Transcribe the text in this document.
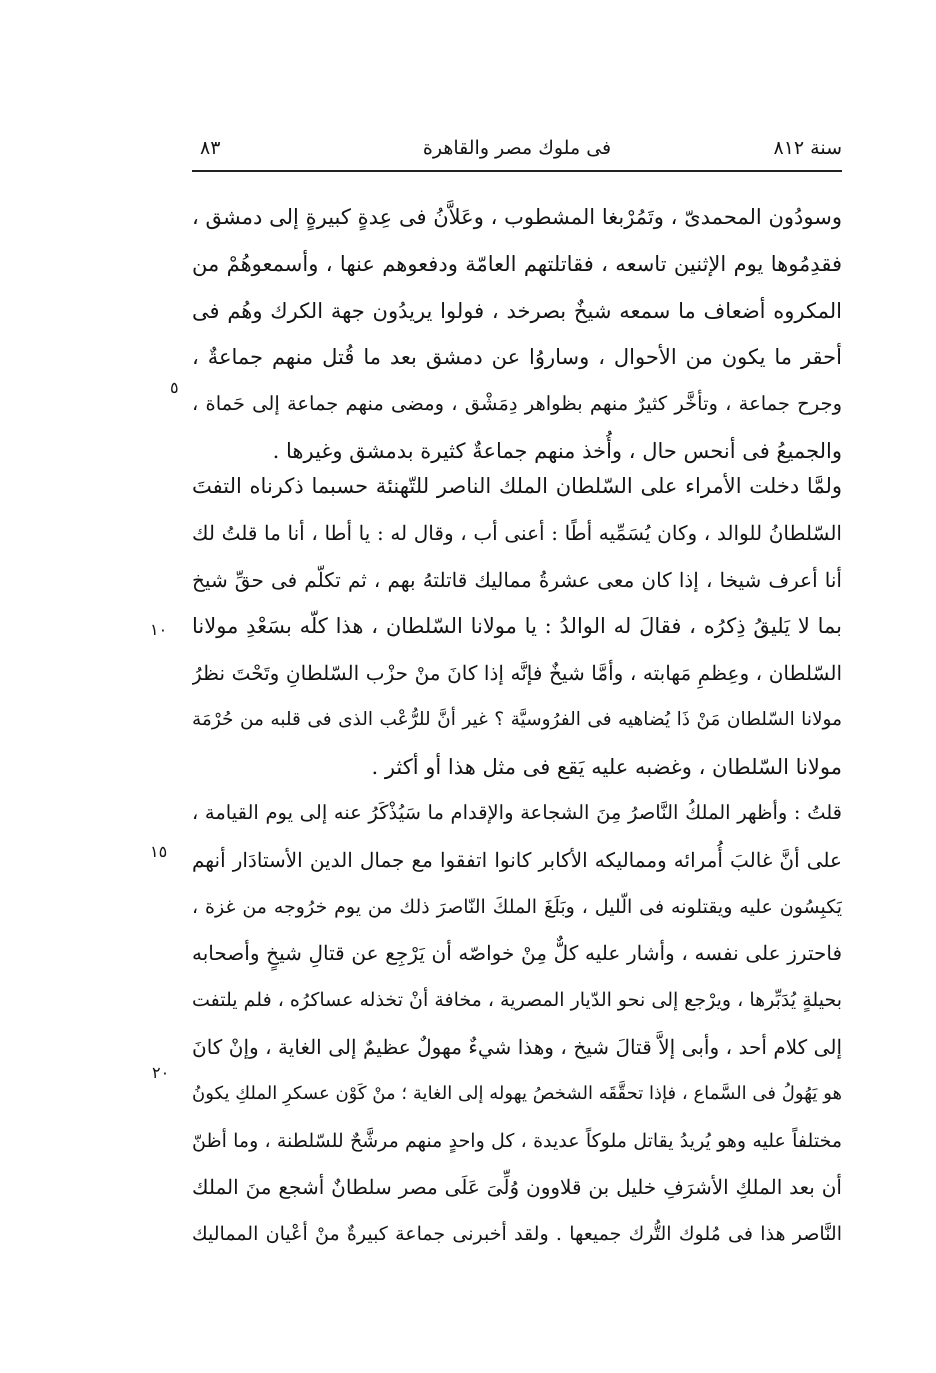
سنة ٨١٢
فى ملوك مصر والقاهرة
٨٣
وسودُون المحمدىّ ، وتَمُرْبغا المشطوب ، وعَلاَّنُ فى عِدةٍ كبيرةٍ إلى دمشق ،
فقدِمُوها يوم الإثنين تاسعه ، فقاتلتهم العامّة ودفعوهم عنها ، وأسمعوهُمْ من
المكروه أضعاف ما سمعه شيخٌ بصرخد ، فولوا يريدُون جهة الكرك وهُم فى
أحقر ما يكون من الأحوال ، وساروُا عن دمشق بعد ما قُتل منهم جماعةٌ ،
وجرح جماعة ، وتأخَّر كثيرٌ منهم بظواهر دِمَشْق ، ومضى منهم جماعة إلى حَماة ،
والجميعُ فى أنحس حال ، وأُخذ منهم جماعةٌ كثيرة بدمشق وغيرها .
ولمَّا دخلت الأمراء على السّلطان الملك الناصر للتّهنئة حسبما ذكرناه التفتَ
السّلطانُ للوالد ، وكان يُسَمِّيه أطًا : أعنى أب ، وقال له : يا أطا ، أنا ما قلتُ لك
أنا أعرف شيخا ، إذا كان معى عشرةُ مماليك قاتلتهُ بهم ، ثم تكلّم فى حقِّ شيخ
بما لا يَليقُ ذِكرُه ، فقالَ له الوالدُ : يا مولانا السّلطان ، هذا كلّه بسَعْدِ مولانا
السّلطان ، وعِظمِ مَهابته ، وأمَّا شيخٌ فإنَّه إذا كانَ منْ حزْب السّلطانِ وتَحْتَ نظرُ
مولانا السّلطان مَنْ ذَا يُضاهيه فى الفرُوسيَّة ؟ غير أنَّ للرُّعْب الذى فى قلبه من حُرْمَة
مولانا السّلطان ، وغضبه عليه يَقع فى مثل هذا أو أكثر .
قلتُ : وأظهر الملكُ النَّاصرُ مِنَ الشجاعة والإقدام ما سَيُذْكَرُ عنه إلى يوم القيامة ،
على أنَّ غالبَ أُمرائه ومماليكه الأكابر كانوا اتفقوا مع جمال الدين الأستادَار أنهم
يَكبِسُون عليه ويقتلونه فى الّليل ، وبَلَغَ الملكَ النّاصرَ ذلك من يوم خرُوجه من غزة ،
فاحترز على نفسه ، وأشار عليه كلٌّ مِنْ خواصّه أن يَرْجِع عن قتالِ شيخٍ وأصحابه
بحيلةٍ يُدَبِّرها ، ويرْجع إلى نحو الدّيار المصرية ، مخافة أنْ تخذله عساكرُه ، فلم يلتفت
إلى كلام أحد ، وأبى إلاَّ قتالَ شيخ ، وهذا شيءٌ مهولٌ عظيمٌ إلى الغاية ، وإنْ كانَ
هو يَهُولُ فى السَّماع ، فإذا تحقَّقَه الشخصُ يهوله إلى الغاية ؛ منْ كَوْن عسكرِ الملكِ يكونُ
مختلفاً عليه وهو يُريدُ يقاتل ملوكاً عديدة ، كل واحدٍ منهم مرشَّحٌ للسّلطنة ، وما أظنّ
أن بعد الملكِ الأشرَفِ خليل بن قلاوون وُلِّىَ عَلَى مصر سلطانٌ أشجع منَ الملك
النَّاصر هذا فى مُلوك التُّرك جميعها . ولقد أخبرنى جماعة كبيرةٌ منْ أعْيان المماليك
٥
١٠
١٥
٢٠
